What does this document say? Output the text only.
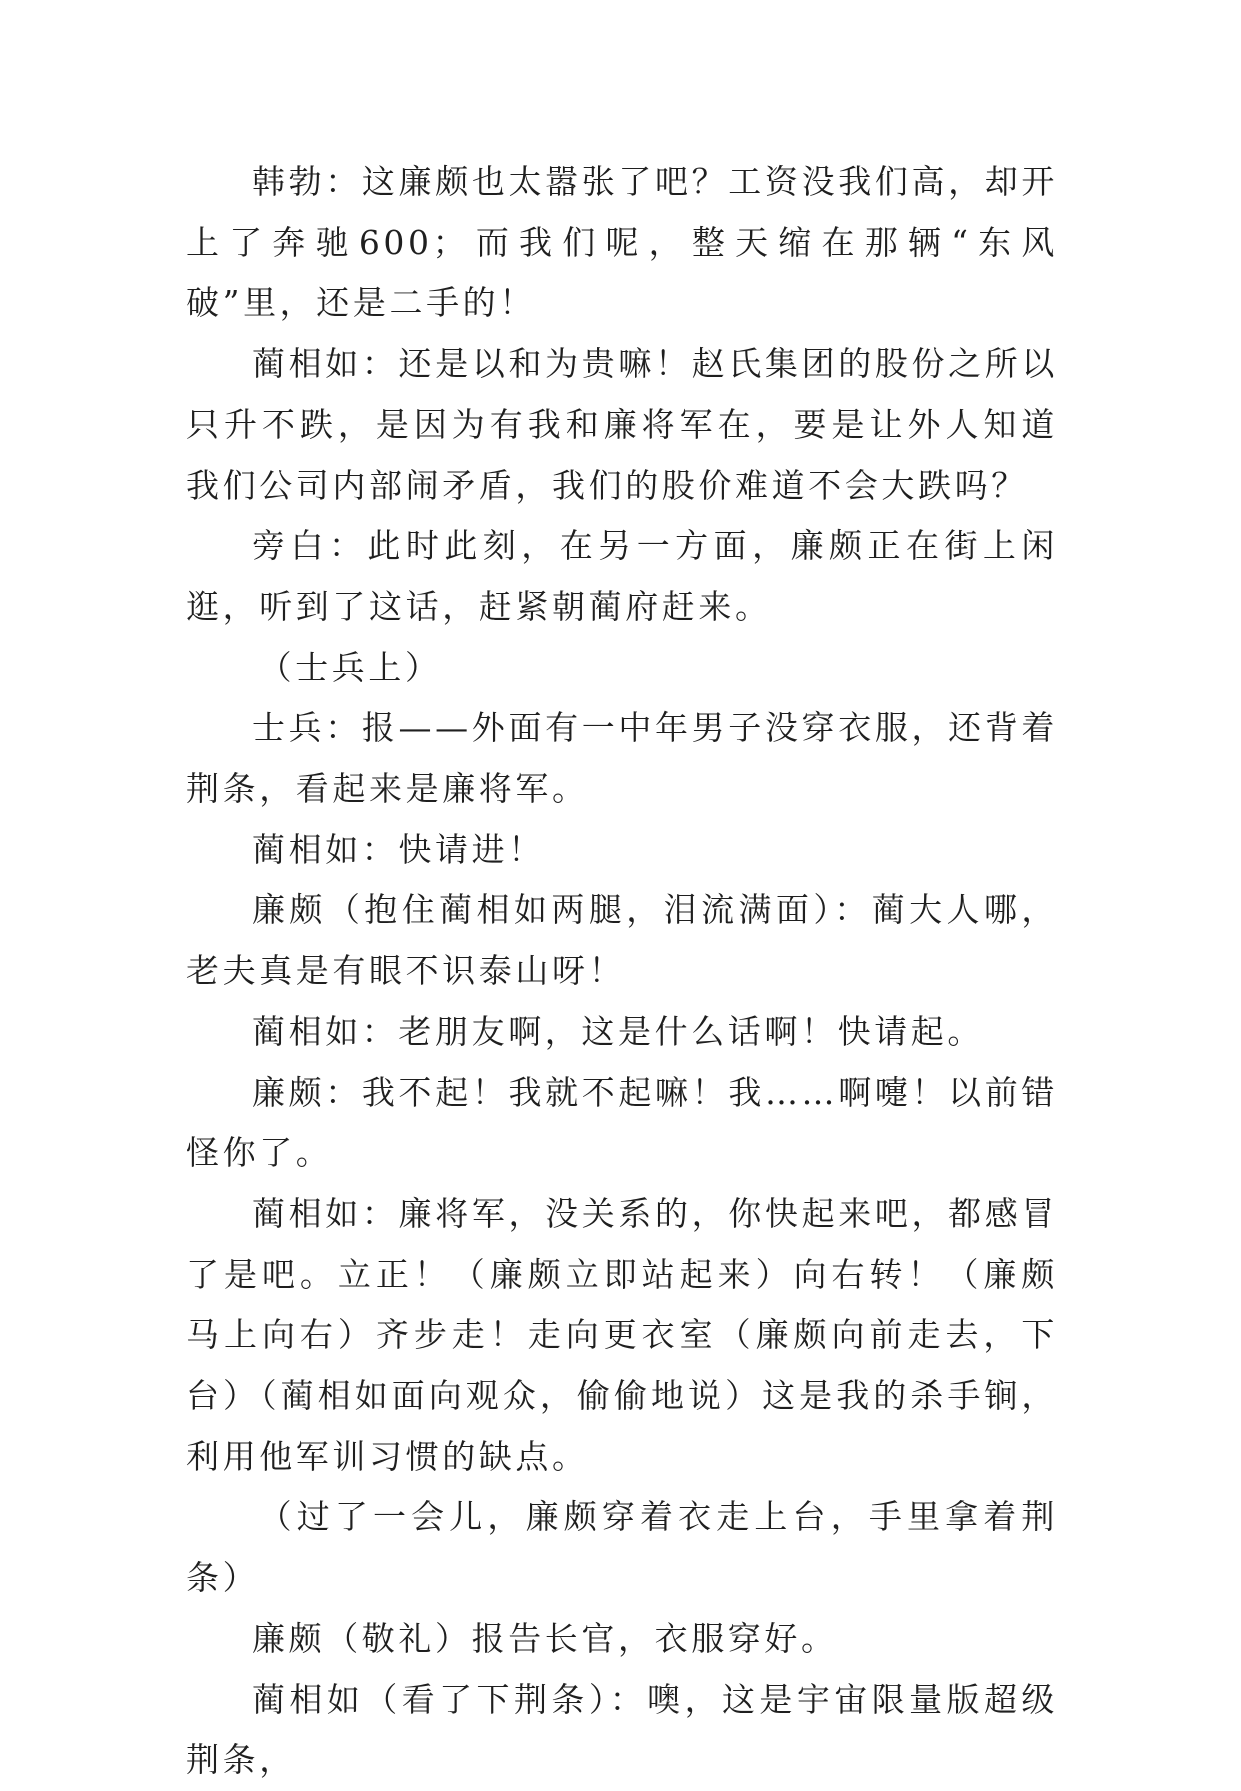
韩勃：这廉颇也太嚣张了吧？工资没我们高，却开上了奔驰600；而我们呢，整天缩在那辆“东风破”里，还是二手的！

蔺相如：还是以和为贵嘛！赵氏集团的股份之所以只升不跌，是因为有我和廉将军在，要是让外人知道我们公司内部闹矛盾，我们的股价难道不会大跌吗？

旁白：此时此刻，在另一方面，廉颇正在街上闲逛，听到了这话，赶紧朝蔺府赶来。

（士兵上）

士兵：报——外面有一中年男子没穿衣服，还背着荆条，看起来是廉将军。

蔺相如：快请进！

廉颇（抱住蔺相如两腿，泪流满面）：蔺大人哪，老夫真是有眼不识泰山呀！

蔺相如：老朋友啊，这是什么话啊！快请起。

廉颇：我不起！我就不起嘛！我……啊嚏！以前错怪你了。

蔺相如：廉将军，没关系的，你快起来吧，都感冒了是吧。立正！（廉颇立即站起来）向右转！（廉颇马上向右）齐步走！走向更衣室（廉颇向前走去，下台）（蔺相如面向观众，偷偷地说）这是我的杀手锏，利用他军训习惯的缺点。

（过了一会儿，廉颇穿着衣走上台，手里拿着荆条）

廉颇（敬礼）报告长官，衣服穿好。

蔺相如（看了下荆条）：噢，这是宇宙限量版超级荆条，
